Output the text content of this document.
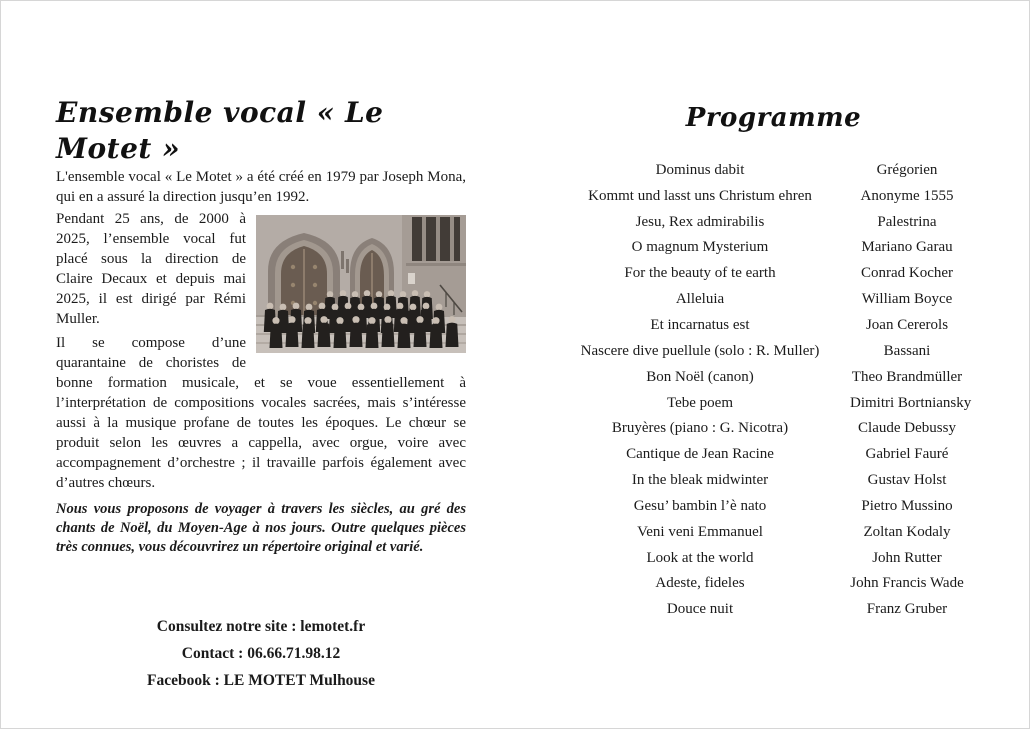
Ensemble vocal « Le Motet »

L'ensemble vocal « Le Motet » a été créé en 1979 par Joseph Mona, qui en a assuré la direction jusqu’en 1992.

Pendant 25 ans, de 2000 à 2025, l’ensemble vocal fut placé sous la direction de Claire Decaux et depuis mai 2025, il est dirigé par Rémi Muller.

Il se compose d’une quarantaine de choristes de bonne formation musicale, et se voue essentiellement à l’interprétation de compositions vocales sacrées, mais s’intéresse aussi à la musique profane de toutes les époques. Le chœur se produit selon les œuvres a cappella, avec orgue, voire avec accompagnement d’orchestre ; il travaille parfois également avec d’autres chœurs.

Nous vous proposons de voyager à travers les siècles, au gré des chants de Noël, du Moyen-Age à nos jours. Outre quelques pièces très connues, vous découvrirez un répertoire original et varié.

Consultez notre site : lemotet.fr

Contact : 06.66.71.98.12

Facebook : LE MOTET Mulhouse

Programme
Dominus dabit	Grégorien
Kommt und lasst uns Christum ehren	Anonyme 1555
Jesu, Rex admirabilis	Palestrina
O magnum Mysterium	Mariano Garau
For the beauty of te earth	Conrad Kocher
Alleluia	William Boyce
Et incarnatus est	Joan Cererols
Nascere dive puellule (solo : R. Muller)	Bassani
Bon Noël (canon)	Theo Brandmüller
Tebe poem	Dimitri Bortniansky
Bruyères (piano : G. Nicotra)	Claude Debussy
Cantique de Jean Racine	Gabriel Fauré
In the bleak midwinter	Gustav Holst
Gesu’ bambin l’è nato	Pietro Mussino
Veni veni Emmanuel	Zoltan Kodaly
Look at the world	John Rutter
Adeste, fideles	John Francis Wade
Douce nuit	Franz Gruber
